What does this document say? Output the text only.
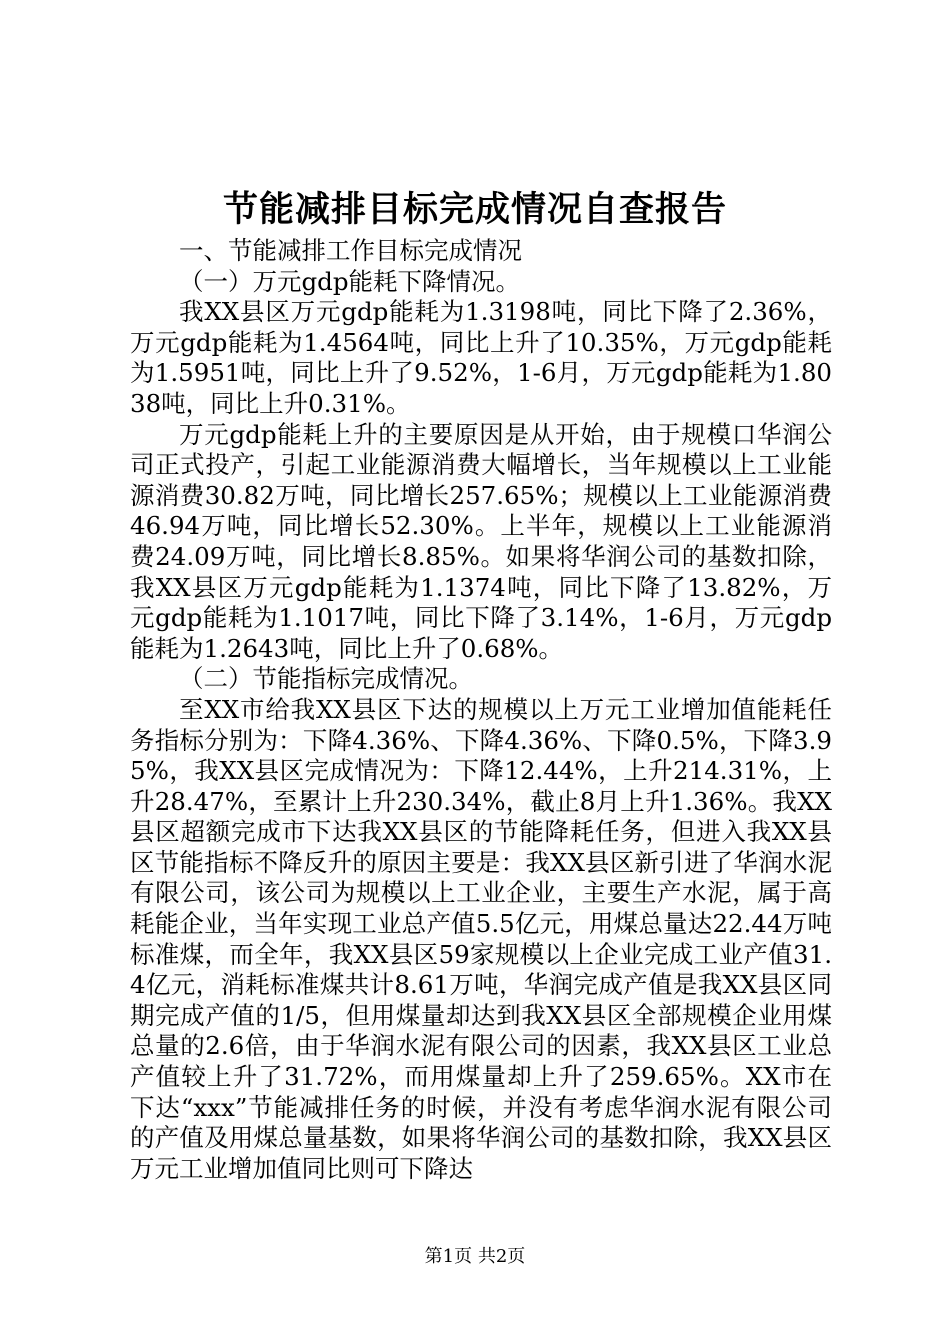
节能减排目标完成情况自查报告

一、节能减排工作目标完成情况

（一）万元gdp能耗下降情况。

我XX县区万元gdp能耗为1.3198吨，同比下降了2.36%，万元gdp能耗为1.4564吨，同比上升了10.35%，万元gdp能耗为1.5951吨，同比上升了9.52%，1-6月，万元gdp能耗为1.8038吨，同比上升0.31%。

万元gdp能耗上升的主要原因是从开始，由于规模口华润公司正式投产，引起工业能源消费大幅增长，当年规模以上工业能源消费30.82万吨，同比增长257.65%；规模以上工业能源消费46.94万吨，同比增长52.30%。上半年，规模以上工业能源消费24.09万吨，同比增长8.85%。如果将华润公司的基数扣除，我XX县区万元gdp能耗为1.1374吨，同比下降了13.82%，万元gdp能耗为1.1017吨，同比下降了3.14%，1-6月，万元gdp能耗为1.2643吨，同比上升了0.68%。

（二）节能指标完成情况。

至XX市给我XX县区下达的规模以上万元工业增加值能耗任务指标分别为：下降4.36%、下降4.36%、下降0.5%，下降3.95%，我XX县区完成情况为：下降12.44%，上升214.31%，上升28.47%，至累计上升230.34%，截止8月上升1.36%。我XX县区超额完成市下达我XX县区的节能降耗任务，但进入我XX县区节能指标不降反升的原因主要是：我XX县区新引进了华润水泥有限公司，该公司为规模以上工业企业，主要生产水泥，属于高耗能企业，当年实现工业总产值5.5亿元，用煤总量达22.44万吨标准煤，而全年，我XX县区59家规模以上企业完成工业产值31.4亿元，消耗标准煤共计8.61万吨，华润完成产值是我XX县区同期完成产值的1/5，但用煤量却达到我XX县区全部规模企业用煤总量的2.6倍，由于华润水泥有限公司的因素，我XX县区工业总产值较上升了31.72%，而用煤量却上升了259.65%。XX市在下达“xxx”节能减排任务的时候，并没有考虑华润水泥有限公司的产值及用煤总量基数，如果将华润公司的基数扣除，我XX县区万元工业增加值同比则可下降达

第1页 共2页
